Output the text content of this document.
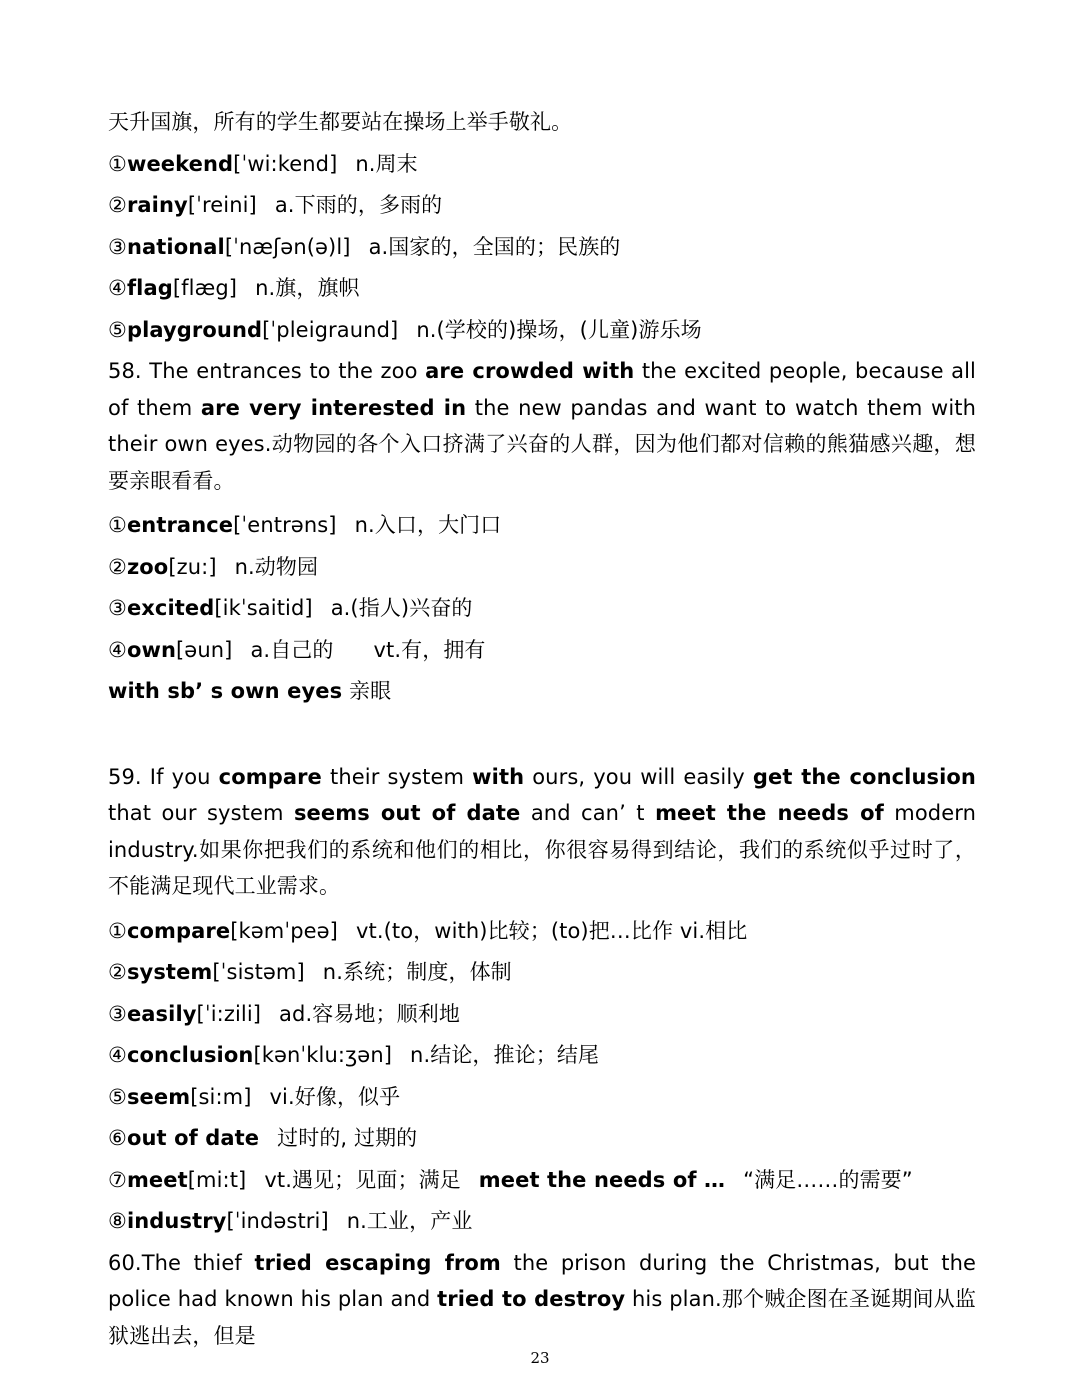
天升国旗，所有的学生都要站在操场上举手敬礼。
①weekend[ˈwi:kend] n.周末
②rainy[ˈreini] a.下雨的，多雨的
③national[ˈnæʃən(ə)l] a.国家的，全国的；民族的
④flag[flæg] n.旗，旗帜
⑤playground[ˈpleigraund] n.(学校的)操场，(儿童)游乐场

58. The entrances to the zoo are crowded with the excited people, because all of them are very interested in the new pandas and want to watch them with their own eyes.动物园的各个入口挤满了兴奋的人群，因为他们都对信赖的熊猫感兴趣，想要亲眼看看。

①entrance[ˈentrəns] n.入口，大门口
②zoo[zu:] n.动物园
③excited[ikˈsaitid] a.(指人)兴奋的
④own[əun] a.自己的 vt.有，拥有
with sb’ s own eyes 亲眼

59. If you compare their system with ours, you will easily get the conclusion that our system seems out of date and can’ t meet the needs of modern industry.如果你把我们的系统和他们的相比，你很容易得到结论，我们的系统似乎过时了，不能满足现代工业需求。

①compare[kəmˈpeə] vt.(to，with)比较；(to)把…比作 vi.相比
②system[ˈsistəm] n.系统；制度，体制
③easily[ˈi:zili] ad.容易地；顺利地
④conclusion[kənˈklu:ʒən] n.结论，推论；结尾
⑤seem[si:m] vi.好像，似乎
⑥out of date 过时的, 过期的
⑦meet[mi:t] vt.遇见；见面；满足 meet the needs of … “满足……的需要”
⑧industry[ˈindəstri] n.工业，产业

60.The thief tried escaping from the prison during the Christmas, but the police had known his plan and tried to destroy his plan.那个贼企图在圣诞期间从监狱逃出去，但是

23
